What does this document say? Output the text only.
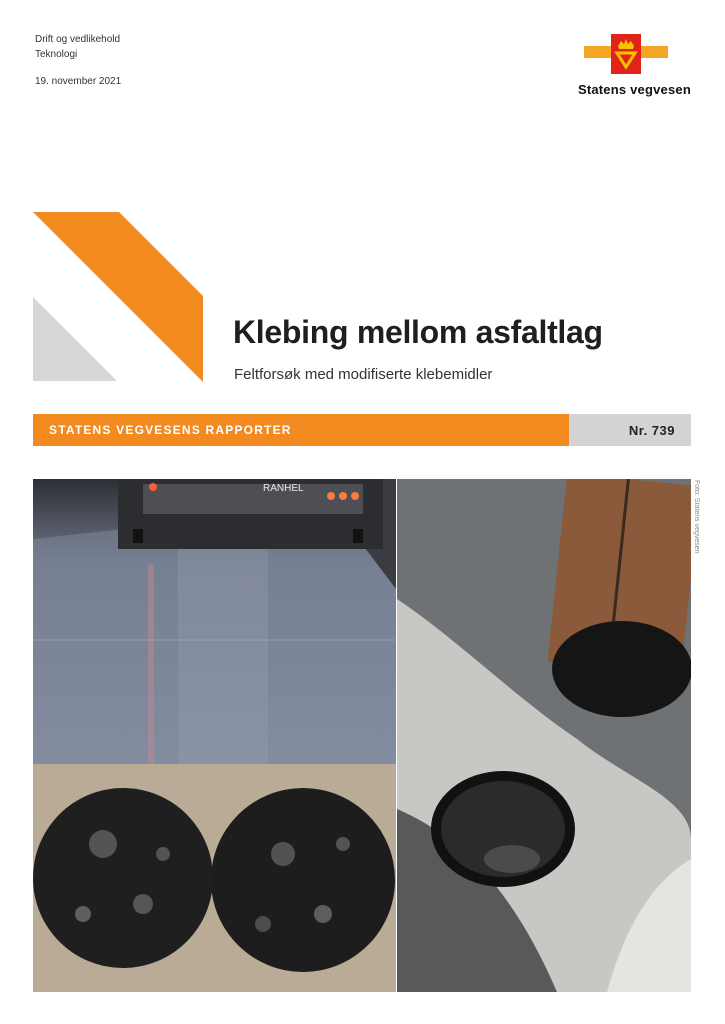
Drift og vedlikehold
Teknologi
19. november 2021
Statens vegvesen
Klebing mellom asfaltlag
Feltforsøk med modifiserte klebemidler
STATENS VEGVESENS RAPPORTER	Nr. 739
RANHEL	Foto: Statens vegvesen
